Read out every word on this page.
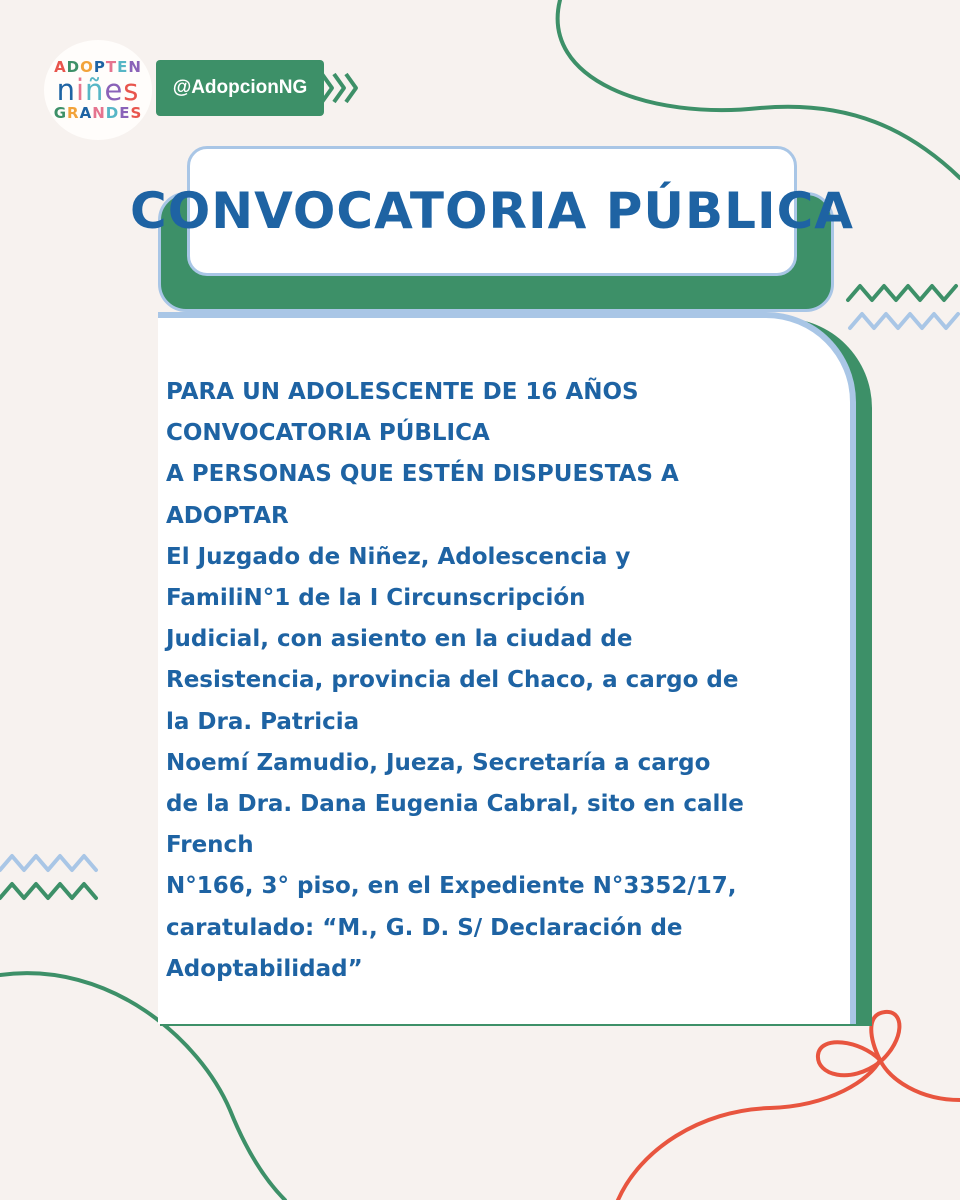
ADOPTEN
niñes
GRANDES
@AdopcionNG
CONVOCATORIA PÚBLICA
PARA UN ADOLESCENTE DE 16 AÑOS
CONVOCATORIA PÚBLICA
A PERSONAS QUE ESTÉN DISPUESTAS A
ADOPTAR
El Juzgado de Niñez, Adolescencia y
FamiliN°1 de la I Circunscripción
Judicial, con asiento en la ciudad de
Resistencia, provincia del Chaco, a cargo de
la Dra. Patricia
Noemí Zamudio, Jueza, Secretaría a cargo
de la Dra. Dana Eugenia Cabral, sito en calle
French
N°166, 3° piso, en el Expediente N°3352/17,
caratulado: “M., G. D. S/ Declaración de
Adoptabilidad”
